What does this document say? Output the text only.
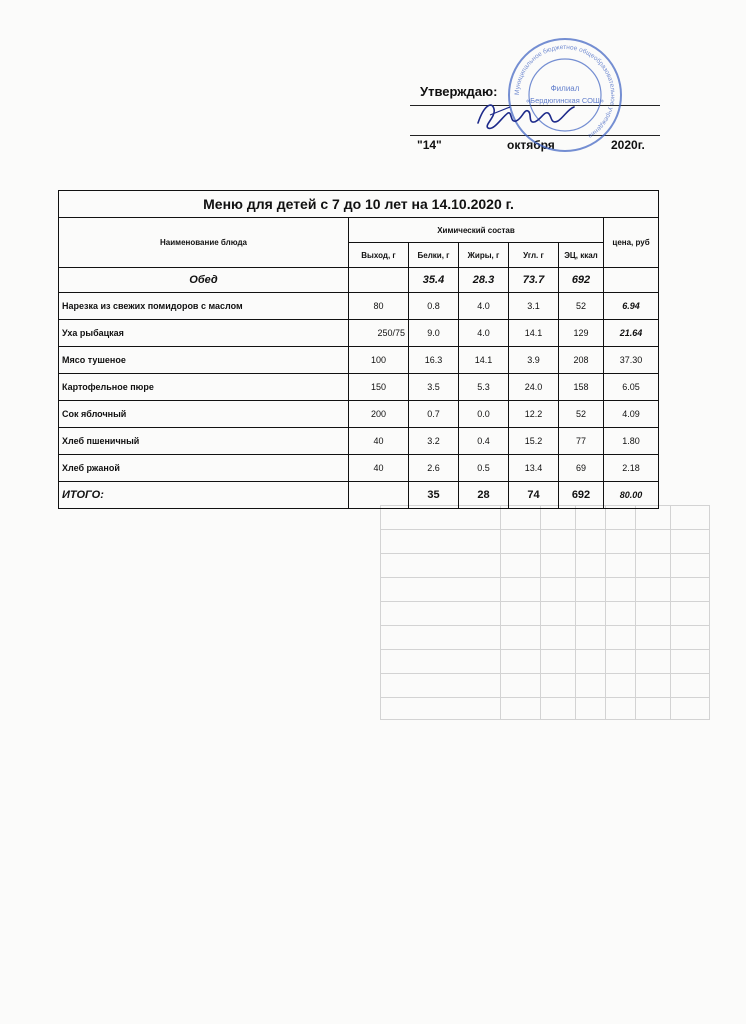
Утверждаю:
"14"	октября	2020г.
Муниципальное бюджетное общеобразовательное учреждение
Филиал
«Бердюгинская СОШ»
Меню для детей с 7 до 10 лет на 14.10.2020 г.						
Наименование блюда	Химический состав					цена, руб
	Выход, г	Белки, г	Жиры, г	Угл. г	ЭЦ, ккал	
Обед		35.4	28.3	73.7	692	
Нарезка из свежих помидоров с маслом	80	0.8	4.0	3.1	52	6.94
Уха рыбацкая	250/75	9.0	4.0	14.1	129	21.64
Мясо тушеное	100	16.3	14.1	3.9	208	37.30
Картофельное пюре	150	3.5	5.3	24.0	158	6.05
Сок яблочный	200	0.7	0.0	12.2	52	4.09
Хлеб пшеничный	40	3.2	0.4	15.2	77	1.80
Хлеб ржаной	40	2.6	0.5	13.4	69	2.18
ИТОГО:		35	28	74	692	80.00
